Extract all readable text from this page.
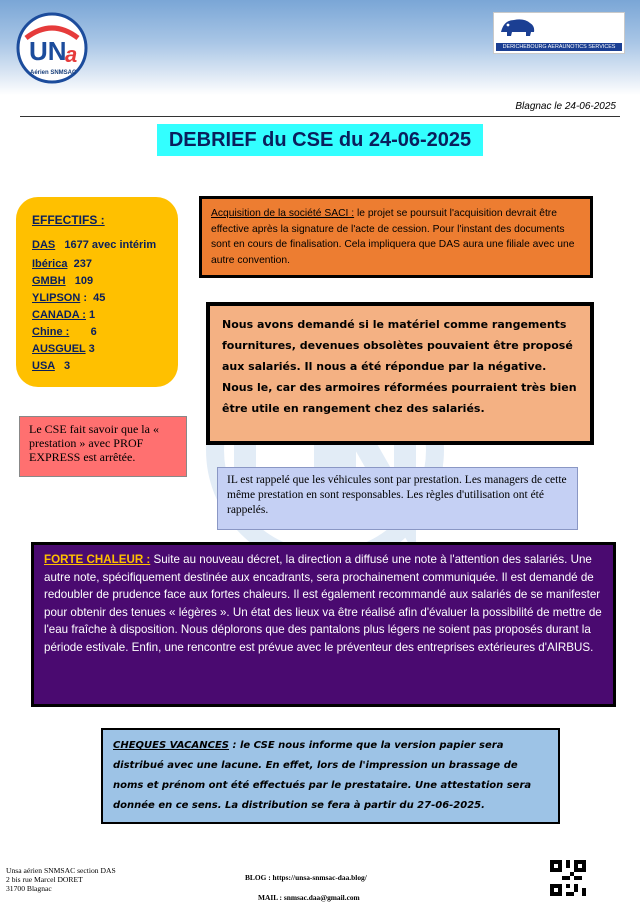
UN
a
Aérien SNMSAC
DERICHEBOURG AERAUNOTICS SERVICES
Blagnac le 24-06-2025
DEBRIEF du CSE du 24-06-2025
EFFECTIFS :
DAS   1677 avec intérim
Ibérica  237
GMBH   109
YLIPSON :  45
CANADA : 1
Chine :       6
AUSGUEL 3
USA   3
Acquisition de la société SACI : le projet se poursuit l'acquisition devrait être effective après la signature de l'acte de cession. Pour l'instant des documents sont en cours de finalisation. Cela impliquera que DAS aura une filiale avec une autre convention.
Nous avons demandé si le matériel comme rangements fournitures, devenues obsolètes pouvaient être proposé aux salariés. Il nous a été répondue par la négative. Nous le, car des armoires réformées pourraient très bien être utile en rangement chez des salariés.
Le CSE fait savoir que la « prestation » avec PROF EXPRESS est arrêtée.
IL est rappelé que les véhicules sont par prestation. Les managers de cette même prestation en sont responsables. Les règles d'utilisation ont été rappelés.
FORTE CHALEUR : Suite au nouveau décret, la direction a diffusé une note à l'attention des salariés. Une autre note, spécifiquement destinée aux encadrants, sera prochainement communiquée. Il est demandé de redoubler de prudence face aux fortes chaleurs. Il est également recommandé aux salariés de se manifester pour obtenir des tenues « légères ». Un état des lieux va être réalisé afin d'évaluer la possibilité de mettre de l'eau fraîche à disposition. Nous déplorons que des pantalons plus légers ne soient pas proposés durant la période estivale. Enfin, une rencontre est prévue avec le préventeur des entreprises extérieures d'AIRBUS.
CHEQUES VACANCES : le CSE nous informe que la version papier sera distribué avec une lacune. En effet, lors de l'impression un brassage de noms et prénom ont été effectués par le prestataire. Une attestation sera donnée en ce sens. La distribution se fera à partir du 27-06-2025.
Unsa aérien SNMSAC section DAS
2 bis rue Marcel DORET
31700 Blagnac
BLOG : https://unsa-snmsac-daa.blog/
MAIL : snmsac.daa@gmail.com
